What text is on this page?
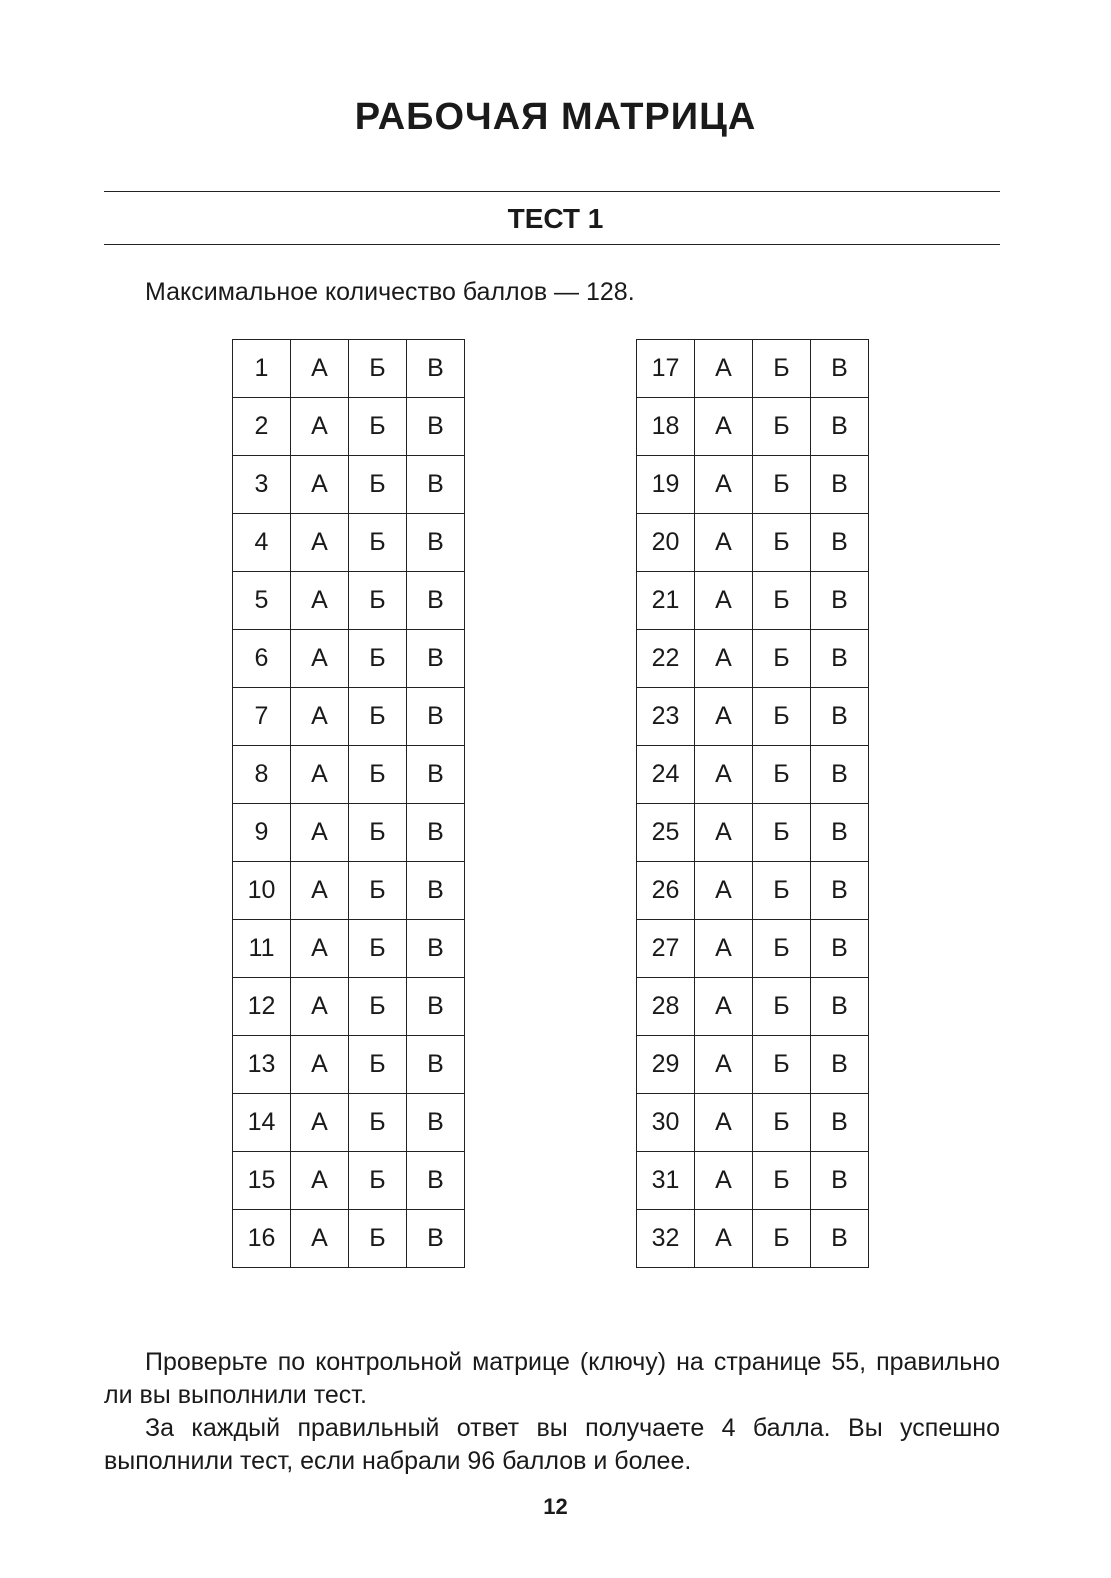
РАБОЧАЯ МАТРИЦА
ТЕСТ 1
Максимальное количество баллов — 128.
1	А	Б	В
2	А	Б	В
3	А	Б	В
4	А	Б	В
5	А	Б	В
6	А	Б	В
7	А	Б	В
8	А	Б	В
9	А	Б	В
10	А	Б	В
11	А	Б	В
12	А	Б	В
13	А	Б	В
14	А	Б	В
15	А	Б	В
16	А	Б	В
17	А	Б	В
18	А	Б	В
19	А	Б	В
20	А	Б	В
21	А	Б	В
22	А	Б	В
23	А	Б	В
24	А	Б	В
25	А	Б	В
26	А	Б	В
27	А	Б	В
28	А	Б	В
29	А	Б	В
30	А	Б	В
31	А	Б	В
32	А	Б	В

Проверьте по контрольной матрице (ключу) на странице 55, правильно ли вы выполнили тест.

За каждый правильный ответ вы получаете 4 балла. Вы успешно выполнили тест, если набрали 96 баллов и более.

12
